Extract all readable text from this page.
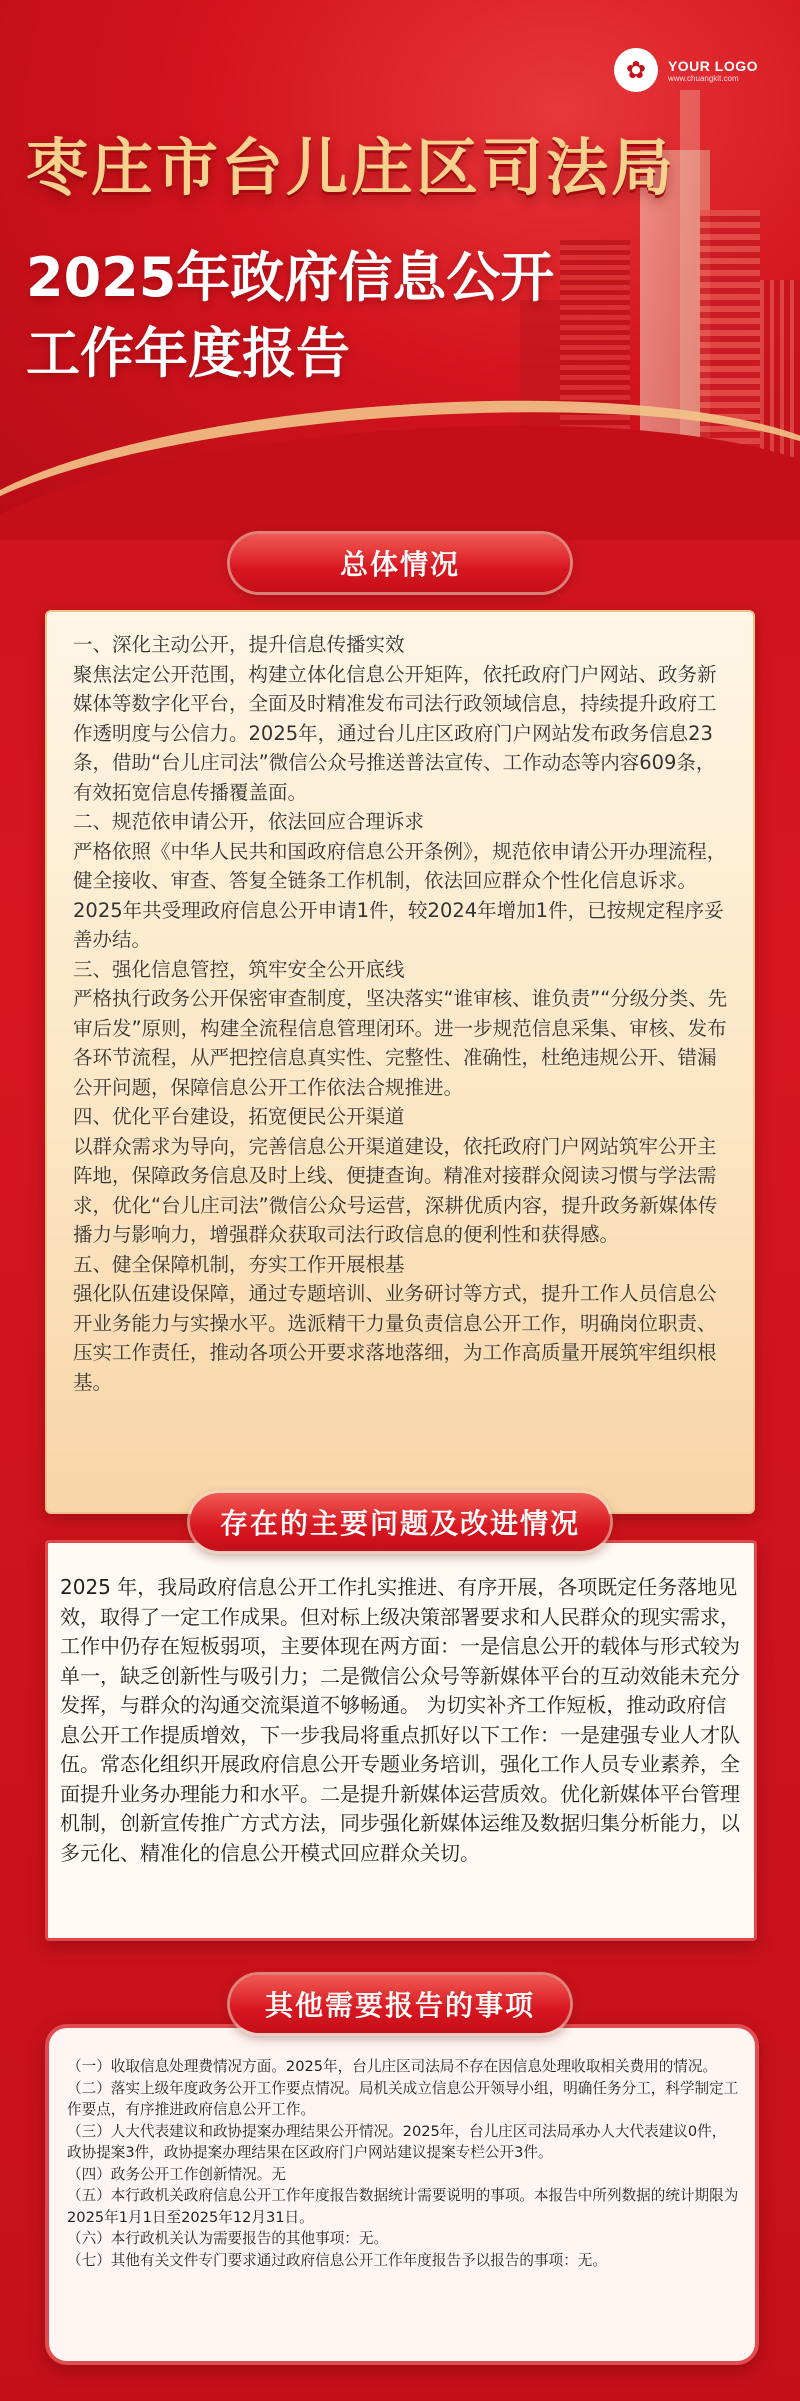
✿	YOUR LOGO
www.chuangkit.com
枣庄市台儿庄区司法局
2025年政府信息公开
工作年度报告
总体情况

一、深化主动公开，提升信息传播实效

聚焦法定公开范围，构建立体化信息公开矩阵，依托政府门户网站、政务新媒体等数字化平台，全面及时精准发布司法行政领域信息，持续提升政府工作透明度与公信力。2025年，通过台儿庄区政府门户网站发布政务信息23条，借助“台儿庄司法”微信公众号推送普法宣传、工作动态等内容609条，有效拓宽信息传播覆盖面。

二、规范依申请公开，依法回应合理诉求

严格依照《中华人民共和国政府信息公开条例》，规范依申请公开办理流程，健全接收、审查、答复全链条工作机制，依法回应群众个性化信息诉求。2025年共受理政府信息公开申请1件，较2024年增加1件，已按规定程序妥善办结。

三、强化信息管控，筑牢安全公开底线

严格执行政务公开保密审查制度，坚决落实“谁审核、谁负责”“分级分类、先审后发”原则，构建全流程信息管理闭环。进一步规范信息采集、审核、发布各环节流程，从严把控信息真实性、完整性、准确性，杜绝违规公开、错漏公开问题，保障信息公开工作依法合规推进。

四、优化平台建设，拓宽便民公开渠道

以群众需求为导向，完善信息公开渠道建设，依托政府门户网站筑牢公开主阵地，保障政务信息及时上线、便捷查询。精准对接群众阅读习惯与学法需求，优化“台儿庄司法”微信公众号运营，深耕优质内容，提升政务新媒体传播力与影响力，增强群众获取司法行政信息的便利性和获得感。

五、健全保障机制，夯实工作开展根基

强化队伍建设保障，通过专题培训、业务研讨等方式，提升工作人员信息公开业务能力与实操水平。选派精干力量负责信息公开工作，明确岗位职责、压实工作责任，推动各项公开要求落地落细，为工作高质量开展筑牢组织根基。

存在的主要问题及改进情况
2025 年，我局政府信息公开工作扎实推进、有序开展，各项既定任务落地见效，取得了一定工作成果。但对标上级决策部署要求和人民群众的现实需求，工作中仍存在短板弱项，主要体现在两方面：一是信息公开的载体与形式较为单一，缺乏创新性与吸引力；二是微信公众号等新媒体平台的互动效能未充分发挥，与群众的沟通交流渠道不够畅通。 为切实补齐工作短板，推动政府信息公开工作提质增效，下一步我局将重点抓好以下工作：一是建强专业人才队伍。常态化组织开展政府信息公开专题业务培训，强化工作人员专业素养，全面提升业务办理能力和水平。二是提升新媒体运营质效。优化新媒体平台管理机制，创新宣传推广方式方法，同步强化新媒体运维及数据归集分析能力，以多元化、精准化的信息公开模式回应群众关切。
其他需要报告的事项

（一）收取信息处理费情况方面。2025年，台儿庄区司法局不存在因信息处理收取相关费用的情况。

（二）落实上级年度政务公开工作要点情况。局机关成立信息公开领导小组，明确任务分工，科学制定工作要点，有序推进政府信息公开工作。

（三）人大代表建议和政协提案办理结果公开情况。2025年，台儿庄区司法局承办人大代表建议0件，政协提案3件，政协提案办理结果在区政府门户网站建议提案专栏公开3件。

（四）政务公开工作创新情况。无

（五）本行政机关政府信息公开工作年度报告数据统计需要说明的事项。本报告中所列数据的统计期限为2025年1月1日至2025年12月31日。

（六）本行政机关认为需要报告的其他事项：无。

（七）其他有关文件专门要求通过政府信息公开工作年度报告予以报告的事项：无。
